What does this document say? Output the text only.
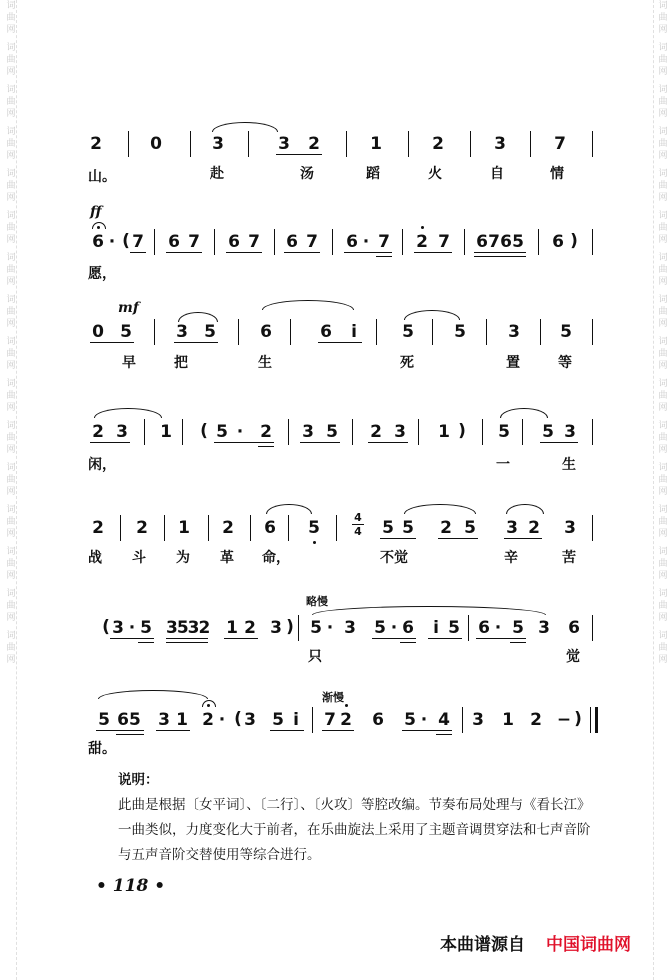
词曲网
词曲网
词曲网
词曲网
词曲网
词曲网
词曲网
词曲网
词曲网
词曲网
词曲网
词曲网
词曲网
词曲网
词曲网
词曲网
词曲网
词曲网
词曲网
词曲网
词曲网
词曲网
词曲网
词曲网
词曲网
词曲网
词曲网
词曲网
词曲网
词曲网
词曲网
词曲网
2	0	3	3 2	1	2	3	7
山。	赴	汤	蹈	火	自	情
ff
6 · ( 7 6 7 6 7 6 7 6 · 7 2 7 6 7 6 5 6 )
愿，
mf
0 5	3 5	6	6 i	5 5 3 5
早	把	生	死	置	等
2 3 1 ( 5 · 2 3 5 2 3 1 ) 5 5 3
闲，	一	生
2 2 1 2 6 5
4
4 5 5 2 5 3 2 3
战 斗 为 革 命，	不觉	辛	苦
略慢
( 3 · 5 3532 1 2 3 ) 5 · 3 5 · 6 i 5 6 · 5 3 6
只	觉
渐慢
5 65 3 1 2 · ( 3 5 i 7 2 6 5 · 4 3 1 2 − )
甜。
说明：
此曲是根据〔女平词〕、〔二行〕、〔火攻〕等腔改编。节奏布局处理与《看长江》一曲类似，力度变化大于前者，在乐曲旋法上采用了主题音调贯穿法和七声音阶与五声音阶交替使用等综合进行。
• 118 •
本曲谱源自 中国词曲网
